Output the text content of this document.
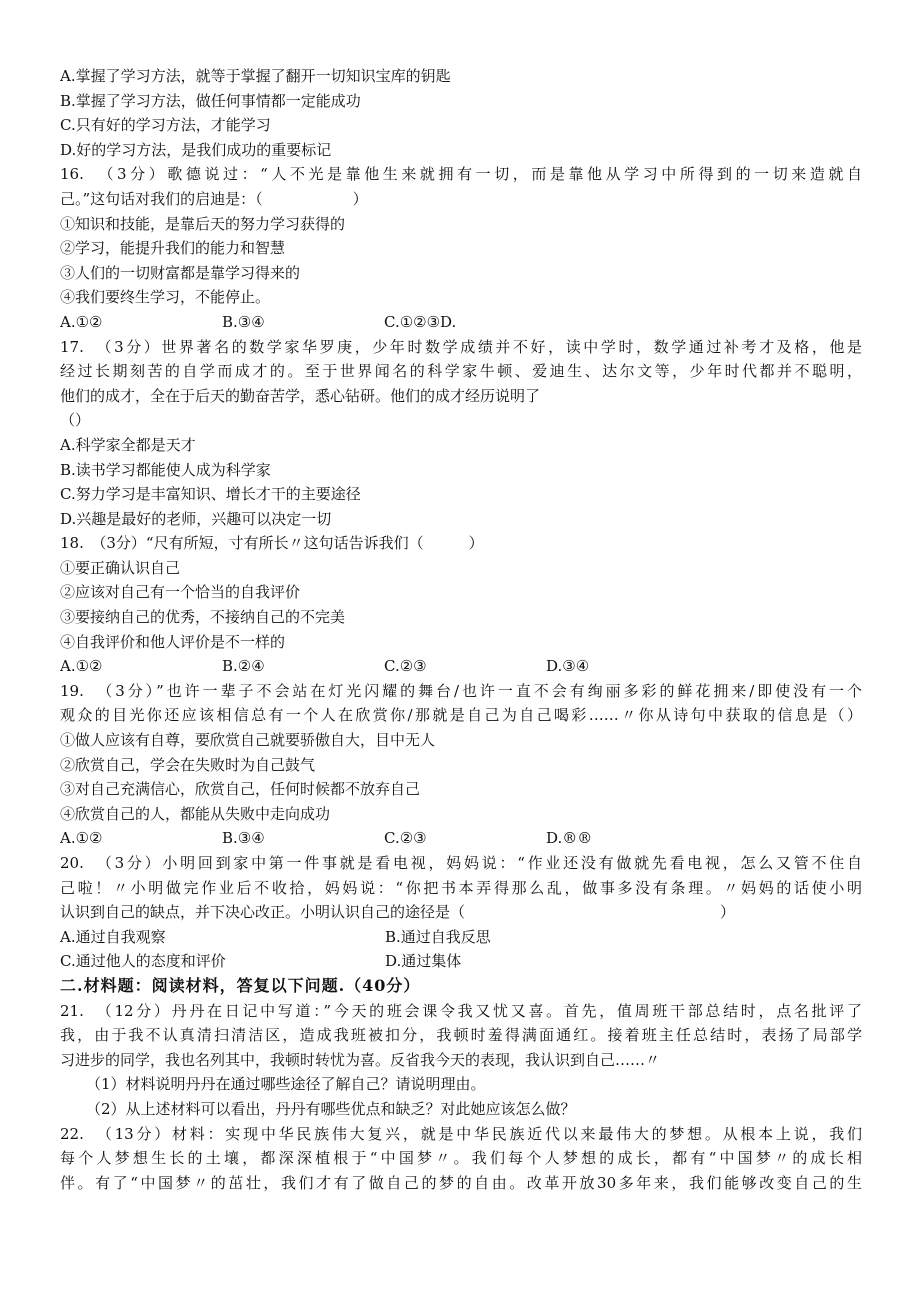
A.掌握了学习方法，就等于掌握了翻开一切知识宝库的钥匙
B.掌握了学习方法，做任何事情都一定能成功
C.只有好的学习方法，才能学习
D.好的学习方法，是我们成功的重要标记
16.　（3分）歌德说过：“人不光是靠他生来就拥有一切，而是靠他从学习中所得到的一切来造就自
己。”这句话对我们的启迪是：（　　　　　　）
①知识和技能，是靠后天的努力学习获得的
②学习，能提升我们的能力和智慧
③人们的一切财富都是靠学习得来的
④我们要终生学习，不能停止。
A.①②	B.③④	C.①②③D.
17.　（3分）世界著名的数学家华罗庚，少年时数学成绩并不好，读中学时，数学通过补考才及格，他是
经过长期刻苦的自学而成才的。至于世界闻名的科学家牛顿、爱迪生、达尔文等，少年时代都并不聪明，
他们的成才，全在于后天的勤奋苦学，悉心钻研。他们的成才经历说明了
（）
A.科学家全都是天才
B.读书学习都能使人成为科学家
C.努力学习是丰富知识、增长才干的主要途径
D.兴趣是最好的老师，兴趣可以决定一切
18.　（3分）“尺有所短，寸有所长〃这句话告诉我们（　　　）
①要正确认识自己
②应该对自己有一个恰当的自我评价
③要接纳自己的优秀，不接纳自己的不完美
④自我评价和他人评价是不一样的
A.①②	B.②④	C.②③	D.③④
19.　（3分）”也许一辈子不会站在灯光闪耀的舞台/也许一直不会有绚丽多彩的鲜花拥来/即使没有一个
观众的目光你还应该相信总有一个人在欣赏你/那就是自己为自己喝彩……〃你从诗句中获取的信息是（）
①做人应该有自尊，要欣赏自己就要骄傲自大，目中无人
②欣赏自己，学会在失败时为自己鼓气
③对自己充满信心，欣赏自己，任何时候都不放弃自己
④欣赏自己的人，都能从失败中走向成功
A.①②	B.③④	C.②③	D.®®
20.　（3分）小明回到家中第一件事就是看电视，妈妈说：“作业还没有做就先看电视，怎么又管不住自
己啦！〃小明做完作业后不收拾，妈妈说：“你把书本弄得那么乱，做事多没有条理。〃妈妈的话使小明
认识到自己的缺点，并下决心改正。小明认识自己的途径是（　　　　　　　　　　　　　　　　　）
A.通过自我观察	B.通过自我反思
C.通过他人的态度和评价	D.通过集体
二.材料题：阅读材料，答复以下问题.（40分）
21.　（12分）丹丹在日记中写道：”今天的班会课令我又忧又喜。首先，值周班干部总结时，点名批评了
我，由于我不认真清扫清洁区，造成我班被扣分，我顿时羞得满面通红。接着班主任总结时，表扬了局部学
习进步的同学，我也名列其中，我顿时转忧为喜。反省我今天的表现，我认识到自己……〃
（1）材料说明丹丹在通过哪些途径了解自己？请说明理由。
（2）从上述材料可以看出，丹丹有哪些优点和缺乏？对此她应该怎么做？
22.　（13分）材料：实现中华民族伟大复兴，就是中华民族近代以来最伟大的梦想。从根本上说，我们
每个人梦想生长的土壤，都深深植根于“中国梦〃。我们每个人梦想的成长，都有“中国梦〃的成长相
伴。有了“中国梦〃的茁壮，我们才有了做自己的梦的自由。改革开放30多年来，我们能够改变自己的生
